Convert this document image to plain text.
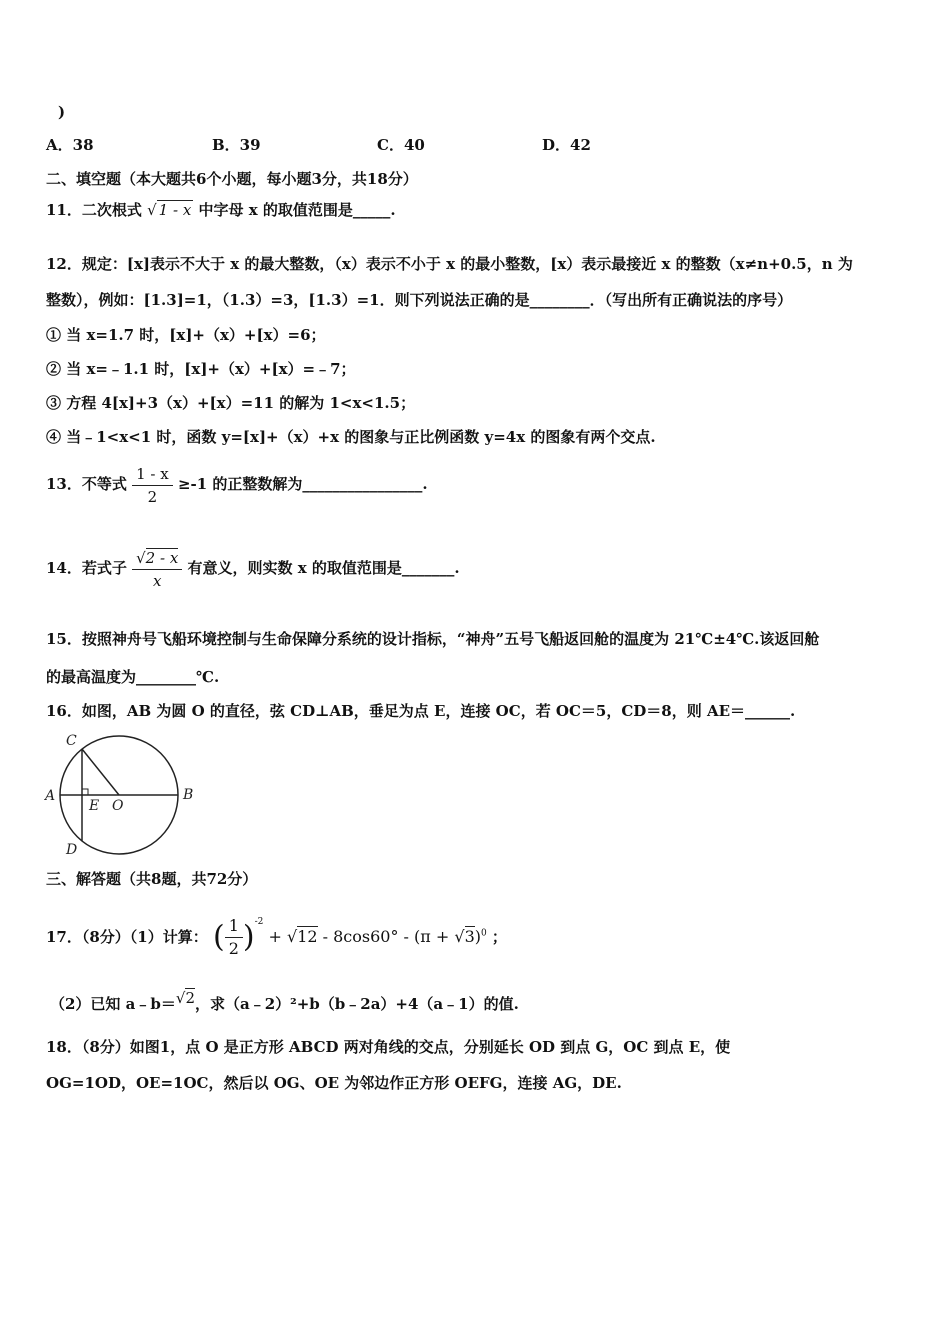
)
A．38	B．39	C．40	D．42
二、填空题（本大题共6个小题，每小题3分，共18分）
11．二次根式 √ 1 - x 中字母 x 的取值范围是_____.
12．规定：[x]表示不大于 x 的最大整数，（x）表示不小于 x 的最小整数，[x）表示最接近 x 的整数（x≠n+0.5，n 为
整数），例如：[1.3]=1，（1.3）=3，[1.3）=1．则下列说法正确的是________．（写出所有正确说法的序号）
① 当 x=1.7 时，[x]+（x）+[x）=6；
② 当 x=﹣1.1 时，[x]+（x）+[x）=﹣7；
③ 方程 4[x]+3（x）+[x）=11 的解为 1<x<1.5；
④ 当﹣1<x<1 时，函数 y=[x]+（x）+x 的图象与正比例函数 y=4x 的图象有两个交点.
13．不等式 $\frac{1 - x}{2} \ge-1$ 的正整数解为________________.
14．若式子 $\frac{√2 - x}{x}$ 有意义，则实数 x 的取值范围是_______.
15．按照神舟号飞船环境控制与生命保障分系统的设计指标，“神舟”五号飞船返回舱的温度为 21℃±4℃.该返回舱
的最高温度为________℃.
16．如图，AB 为圆 O 的直径，弦 CD⊥AB，垂足为点 E，连接 OC，若 OC＝5，CD＝8，则 AE＝______.
C
A
E O
B
D
三、解答题（共8题，共72分）
17．（8分）（1）计算： ( $\frac{1}{2} )^{-2} + √12 - 8\cos 60^\circ - (\pi + √3)^0$ ；
（2）已知 a﹣b＝√2，求（a﹣2）²+b（b﹣2a）+4（a﹣1）的值.
18．（8分）如图1，点 O 是正方形 ABCD 两对角线的交点，分别延长 OD 到点 G，OC 到点 E，使
OG=1OD，OE=1OC，然后以 OG、OE 为邻边作正方形 OEFG，连接 AG，DE.
